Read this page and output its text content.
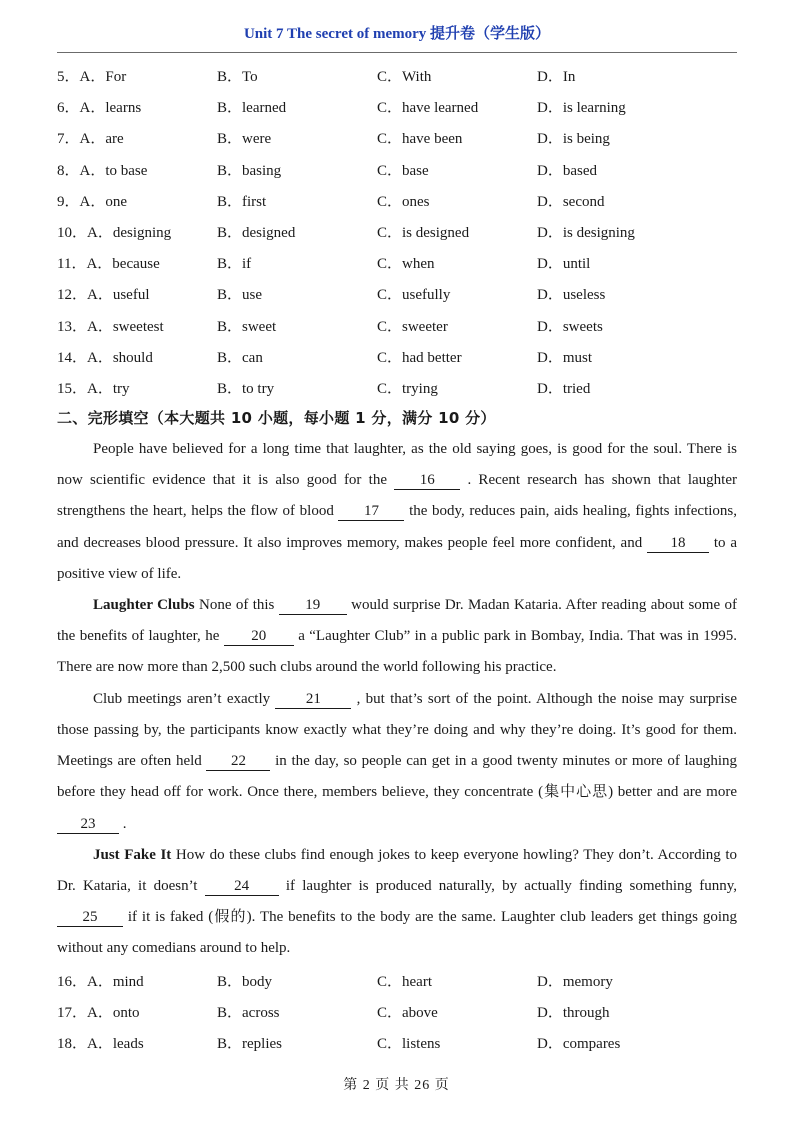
Unit 7 The secret of memory 提升卷（学生版）
5．A．For	B．To	C．With	D．In
6．A．learns	B．learned	C．have learned	D．is learning
7．A．are	B．were	C．have been	D．is being
8．A．to base	B．basing	C．base	D．based
9．A．one	B．first	C．ones	D．second
10．A．designing	B．designed	C．is designed	D．is designing
11．A．because	B．if	C．when	D．until
12．A．useful	B．use	C．usefully	D．useless
13．A．sweetest	B．sweet	C．sweeter	D．sweets
14．A．should	B．can	C．had better	D．must
15．A．try	B．to try	C．trying	D．tried
二、完形填空（本大题共 10 小题，每小题 1 分，满分 10 分）

People have believed for a long time that laughter, as the old saying goes, is good for the soul. There is now scientific evidence that it is also good for the 16 . Recent research has shown that laughter strengthens the heart, helps the flow of blood 17 the body, reduces pain, aids healing, fights infections, and decreases blood pressure. It also improves memory, makes people feel more confident, and 18 to a positive view of life.

Laughter Clubs None of this 19 would surprise Dr. Madan Kataria. After reading about some of the benefits of laughter, he 20 a “Laughter Club” in a public park in Bombay, India. That was in 1995. There are now more than 2,500 such clubs around the world following his practice.

Club meetings aren’t exactly 21 , but that’s sort of the point. Although the noise may surprise those passing by, the participants know exactly what they’re doing and why they’re doing. It’s good for them. Meetings are often held 22 in the day, so people can get in a good twenty minutes or more of laughing before they head off for work. Once there, members believe, they concentrate (集中心思) better and are more 23 .

Just Fake It How do these clubs find enough jokes to keep everyone howling? They don’t. According to Dr. Kataria, it doesn’t 24 if laughter is produced naturally, by actually finding something funny, 25 if it is faked (假的). The benefits to the body are the same. Laughter club leaders get things going without any comedians around to help.

16．A．mind	B．body	C．heart	D．memory
17．A．onto	B．across	C．above	D．through
18．A．leads	B．replies	C．listens	D．compares
第 2 页 共 26 页
